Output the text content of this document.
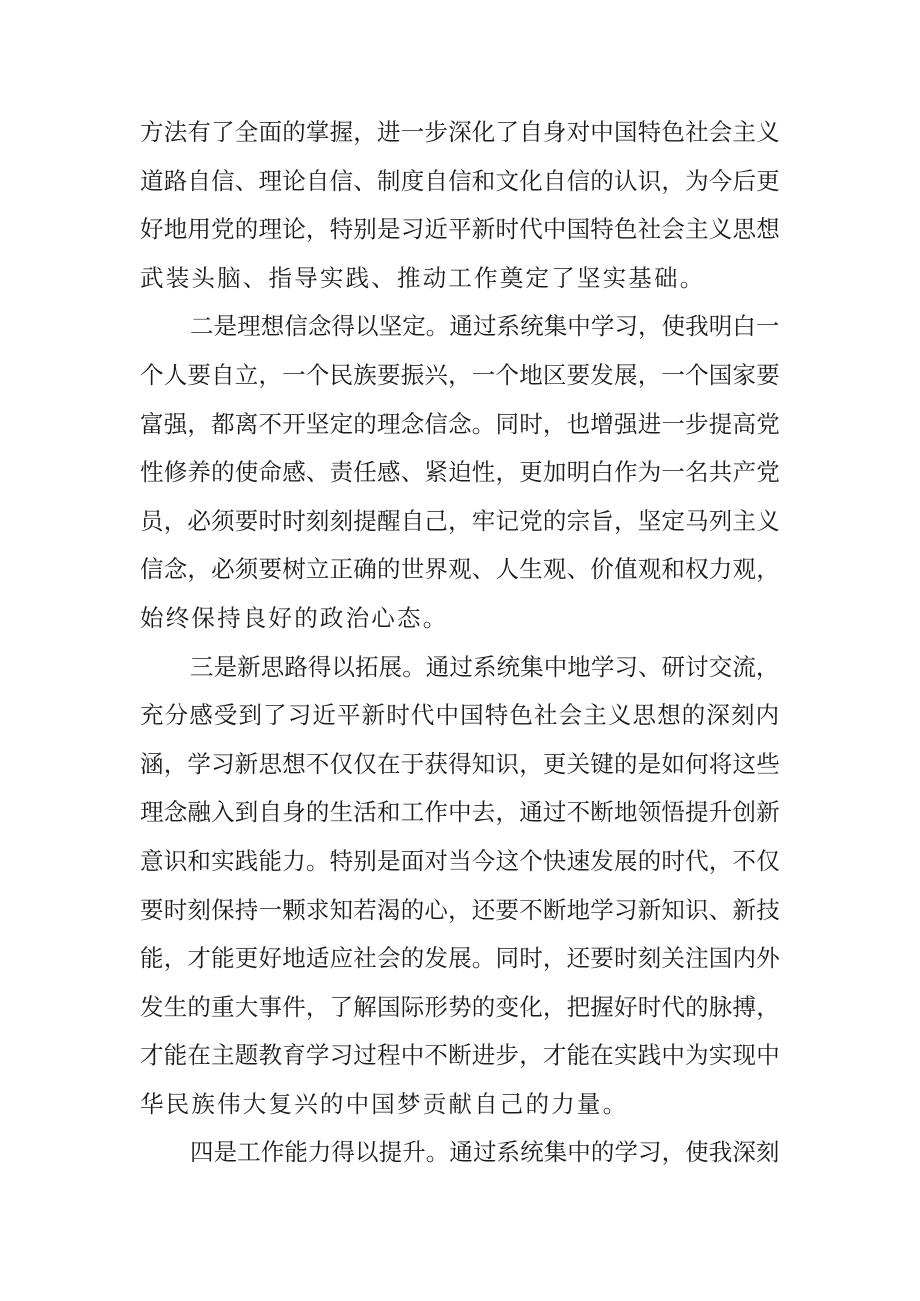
方法有了全面的掌握，进一步深化了自身对中国特色社会主义
道路自信、理论自信、制度自信和文化自信的认识，为今后更
好地用党的理论，特别是习近平新时代中国特色社会主义思想
武装头脑、指导实践、推动工作奠定了坚实基础。
二是理想信念得以坚定。通过系统集中学习，使我明白一
个人要自立，一个民族要振兴，一个地区要发展，一个国家要
富强，都离不开坚定的理念信念。同时，也增强进一步提高党
性修养的使命感、责任感、紧迫性，更加明白作为一名共产党
员，必须要时时刻刻提醒自己，牢记党的宗旨，坚定马列主义
信念，必须要树立正确的世界观、人生观、价值观和权力观，
始终保持良好的政治心态。
三是新思路得以拓展。通过系统集中地学习、研讨交流，
充分感受到了习近平新时代中国特色社会主义思想的深刻内
涵，学习新思想不仅仅在于获得知识，更关键的是如何将这些
理念融入到自身的生活和工作中去，通过不断地领悟提升创新
意识和实践能力。特别是面对当今这个快速发展的时代，不仅
要时刻保持一颗求知若渴的心，还要不断地学习新知识、新技
能，才能更好地适应社会的发展。同时，还要时刻关注国内外
发生的重大事件，了解国际形势的变化，把握好时代的脉搏，
才能在主题教育学习过程中不断进步，才能在实践中为实现中
华民族伟大复兴的中国梦贡献自己的力量。
四是工作能力得以提升。通过系统集中的学习，使我深刻
